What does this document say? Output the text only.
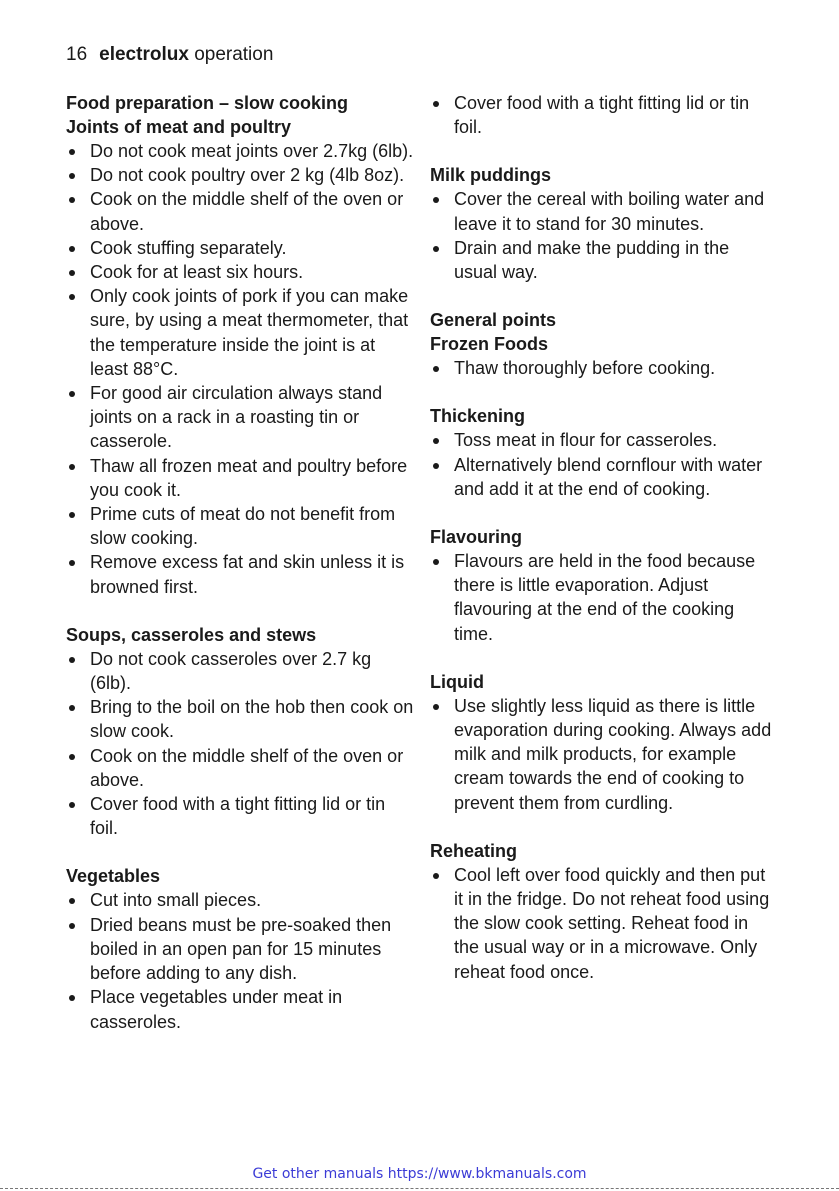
16 electrolux operation

Food preparation – slow cooking

Joints of meat and poultry

Do not cook meat joints over 2.7kg (6lb).
Do not cook poultry over 2 kg (4lb 8oz).
Cook on the middle shelf of the oven or above.
Cook stuffing separately.
Cook for at least six hours.
Only cook joints of pork if you can make sure, by using a meat thermometer, that the temperature inside the joint is at least 88°C.
For good air circulation always stand joints on a rack in a roasting tin or casserole.
Thaw all frozen meat and poultry before you cook it.
Prime cuts of meat do not benefit from slow cooking.
Remove excess fat and skin unless it is browned first.

Soups, casseroles and stews

Do not cook casseroles over 2.7 kg (6lb).
Bring to the boil on the hob then cook on slow cook.
Cook on the middle shelf of the oven or above.
Cover food with a tight fitting lid or tin foil.

Vegetables

Cut into small pieces.
Dried beans must be pre-soaked then boiled in an open pan for 15 minutes before adding to any dish.
Place vegetables under meat in casseroles.
Cover food with a tight fitting lid or tin foil.

Milk puddings

Cover the cereal with boiling water and leave it to stand for 30 minutes.
Drain and make the pudding in the usual way.

General points

Frozen Foods

Thaw thoroughly before cooking.

Thickening

Toss meat in flour for casseroles.
Alternatively blend cornflour with water and add it at the end of cooking.

Flavouring

Flavours are held in the food because there is little evaporation. Adjust flavouring at the end of the cooking time.

Liquid

Use slightly less liquid as there is little evaporation during cooking. Always add milk and milk products, for example cream towards the end of cooking to prevent them from curdling.

Reheating

Cool left over food quickly and then put it in the fridge. Do not reheat food using the slow cook setting. Reheat food in the usual way or in a microwave. Only reheat food once.
Get other manuals https://www.bkmanuals.com
